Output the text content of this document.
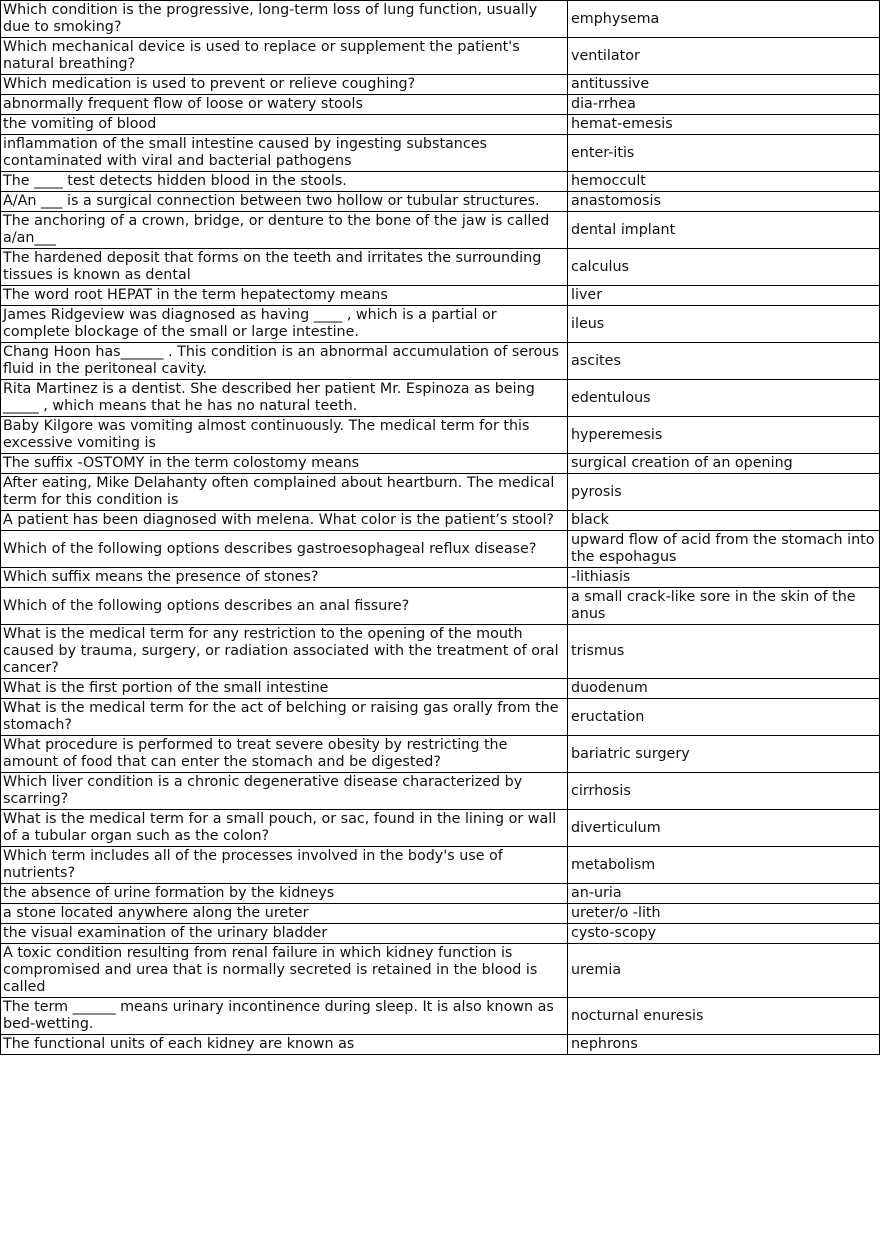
Which condition is the progressive, long-term loss of lung function, usually due to smoking?	emphysema
Which mechanical device is used to replace or supplement the patient's natural breathing?	ventilator
Which medication is used to prevent or relieve coughing?	antitussive
abnormally frequent flow of loose or watery stools	dia-rrhea
the vomiting of blood	hemat-emesis
inflammation of the small intestine caused by ingesting substances contaminated with viral and bacterial pathogens	enter-itis
The ____ test detects hidden blood in the stools.	hemoccult
A/An ___ is a surgical connection between two hollow or tubular structures.	anastomosis
The anchoring of a crown, bridge, or denture to the bone of the jaw is called a/an___	dental implant
The hardened deposit that forms on the teeth and irritates the surrounding tissues is known as dental	calculus
The word root HEPAT in the term hepatectomy means	liver
James Ridgeview was diagnosed as having ____ , which is a partial or complete blockage of the small or large intestine.	ileus
Chang Hoon has______ . This condition is an abnormal accumulation of serous fluid in the peritoneal cavity.	ascites
Rita Martinez is a dentist. She described her patient Mr. Espinoza as being _____ , which means that he has no natural teeth.	edentulous
Baby Kilgore was vomiting almost continuously. The medical term for this excessive vomiting is	hyperemesis
The suffix -OSTOMY in the term colostomy means	surgical creation of an opening
After eating, Mike Delahanty often complained about heartburn. The medical term for this condition is	pyrosis
A patient has been diagnosed with melena. What color is the patient’s stool?	black
Which of the following options describes gastroesophageal reflux disease?	upward flow of acid from the stomach into the espohagus
Which suffix means the presence of stones?	-lithiasis
Which of the following options describes an anal fissure?	a small crack-like sore in the skin of the anus
What is the medical term for any restriction to the opening of the mouth caused by trauma, surgery, or radiation associated with the treatment of oral cancer?	trismus
What is the first portion of the small intestine	duodenum
What is the medical term for the act of belching or raising gas orally from the stomach?	eructation
What procedure is performed to treat severe obesity by restricting the amount of food that can enter the stomach and be digested?	bariatric surgery
Which liver condition is a chronic degenerative disease characterized by scarring?	cirrhosis
What is the medical term for a small pouch, or sac, found in the lining or wall of a tubular organ such as the colon?	diverticulum
Which term includes all of the processes involved in the body's use of nutrients?	metabolism
the absence of urine formation by the kidneys	an-uria
a stone located anywhere along the ureter	ureter/o -lith
the visual examination of the urinary bladder	cysto-scopy
A toxic condition resulting from renal failure in which kidney function is compromised and urea that is normally secreted is retained in the blood is called	uremia
The term ______ means urinary incontinence during sleep. It is also known as bed-wetting.	nocturnal enuresis
The functional units of each kidney are known as	nephrons
